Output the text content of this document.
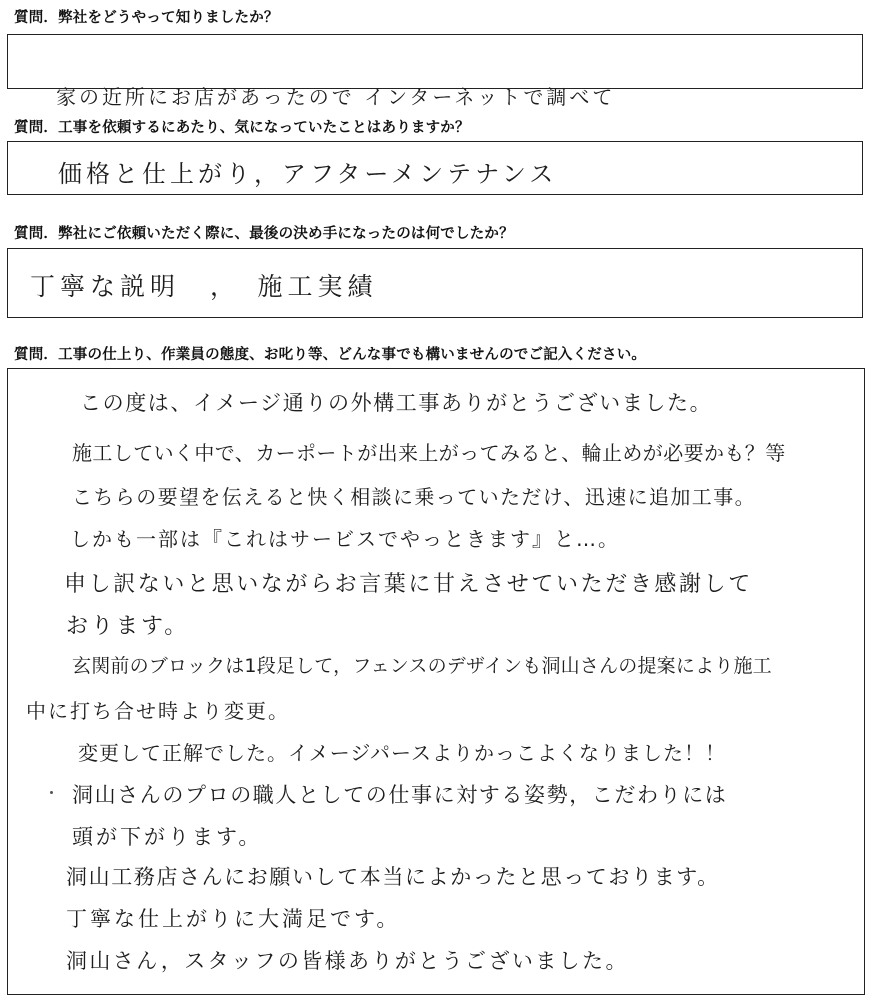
質問．弊社をどうやって知りましたか？
家の近所にお店があったので インターネットで調べて
質問．工事を依頼するにあたり、気になっていたことはありますか？
価格と仕上がり，アフターメンテナンス
質問．弊社にご依頼いただく際に、最後の決め手になったのは何でしたか？
丁寧な説明　，　施工実績
質問．工事の仕上り、作業員の態度、お叱り等、どんな事でも構いませんのでご記入ください。
この度は、イメージ通りの外構工事ありがとうございました。
施工していく中で、カーポートが出来上がってみると、輪止めが必要かも？等
こちらの要望を伝えると快く相談に乗っていただけ、迅速に追加工事。
しかも一部は『これはサービスでやっときます』と…。
申し訳ないと思いながらお言葉に甘えさせていただき感謝して
おります。
玄関前のブロックは1段足して，フェンスのデザインも洞山さんの提案により施工
中に打ち合せ時より変更。
変更して正解でした。イメージパースよりかっこよくなりました！！
洞山さんのプロの職人としての仕事に対する姿勢，こだわりには
頭が下がります。
洞山工務店さんにお願いして本当によかったと思っております。
丁寧な仕上がりに大満足です。
洞山さん，スタッフの皆様ありがとうございました。
